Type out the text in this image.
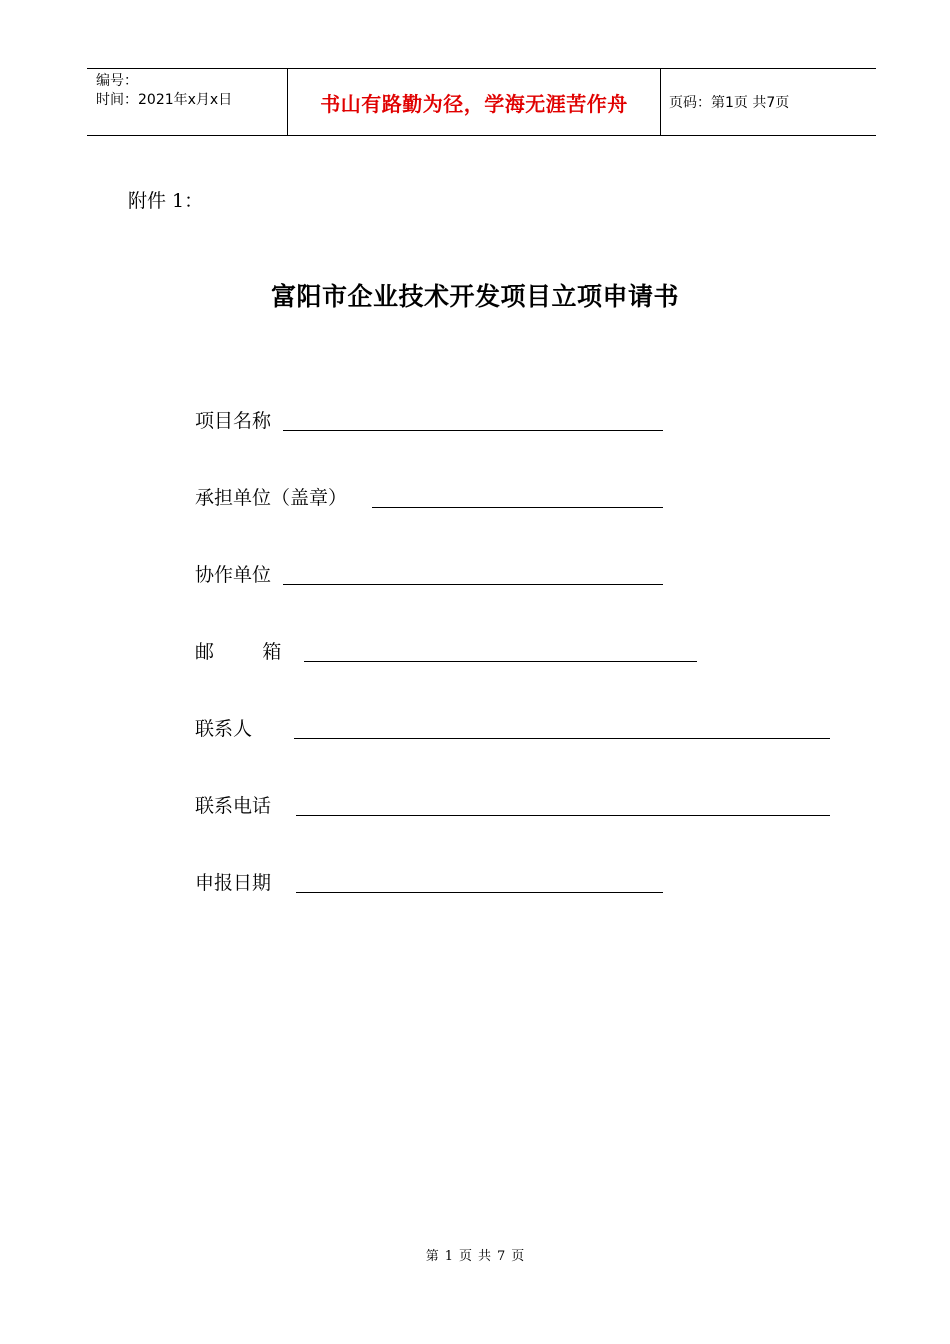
编号：
时间：2021年x月x日	书山有路勤为径，学海无涯苦作舟	页码：第1页 共7页
附件 1：
富阳市企业技术开发项目立项申请书
项目名称
承担单位（盖章）
协作单位
邮        箱
联系人
联系电话
申报日期
第 1 页 共 7 页
